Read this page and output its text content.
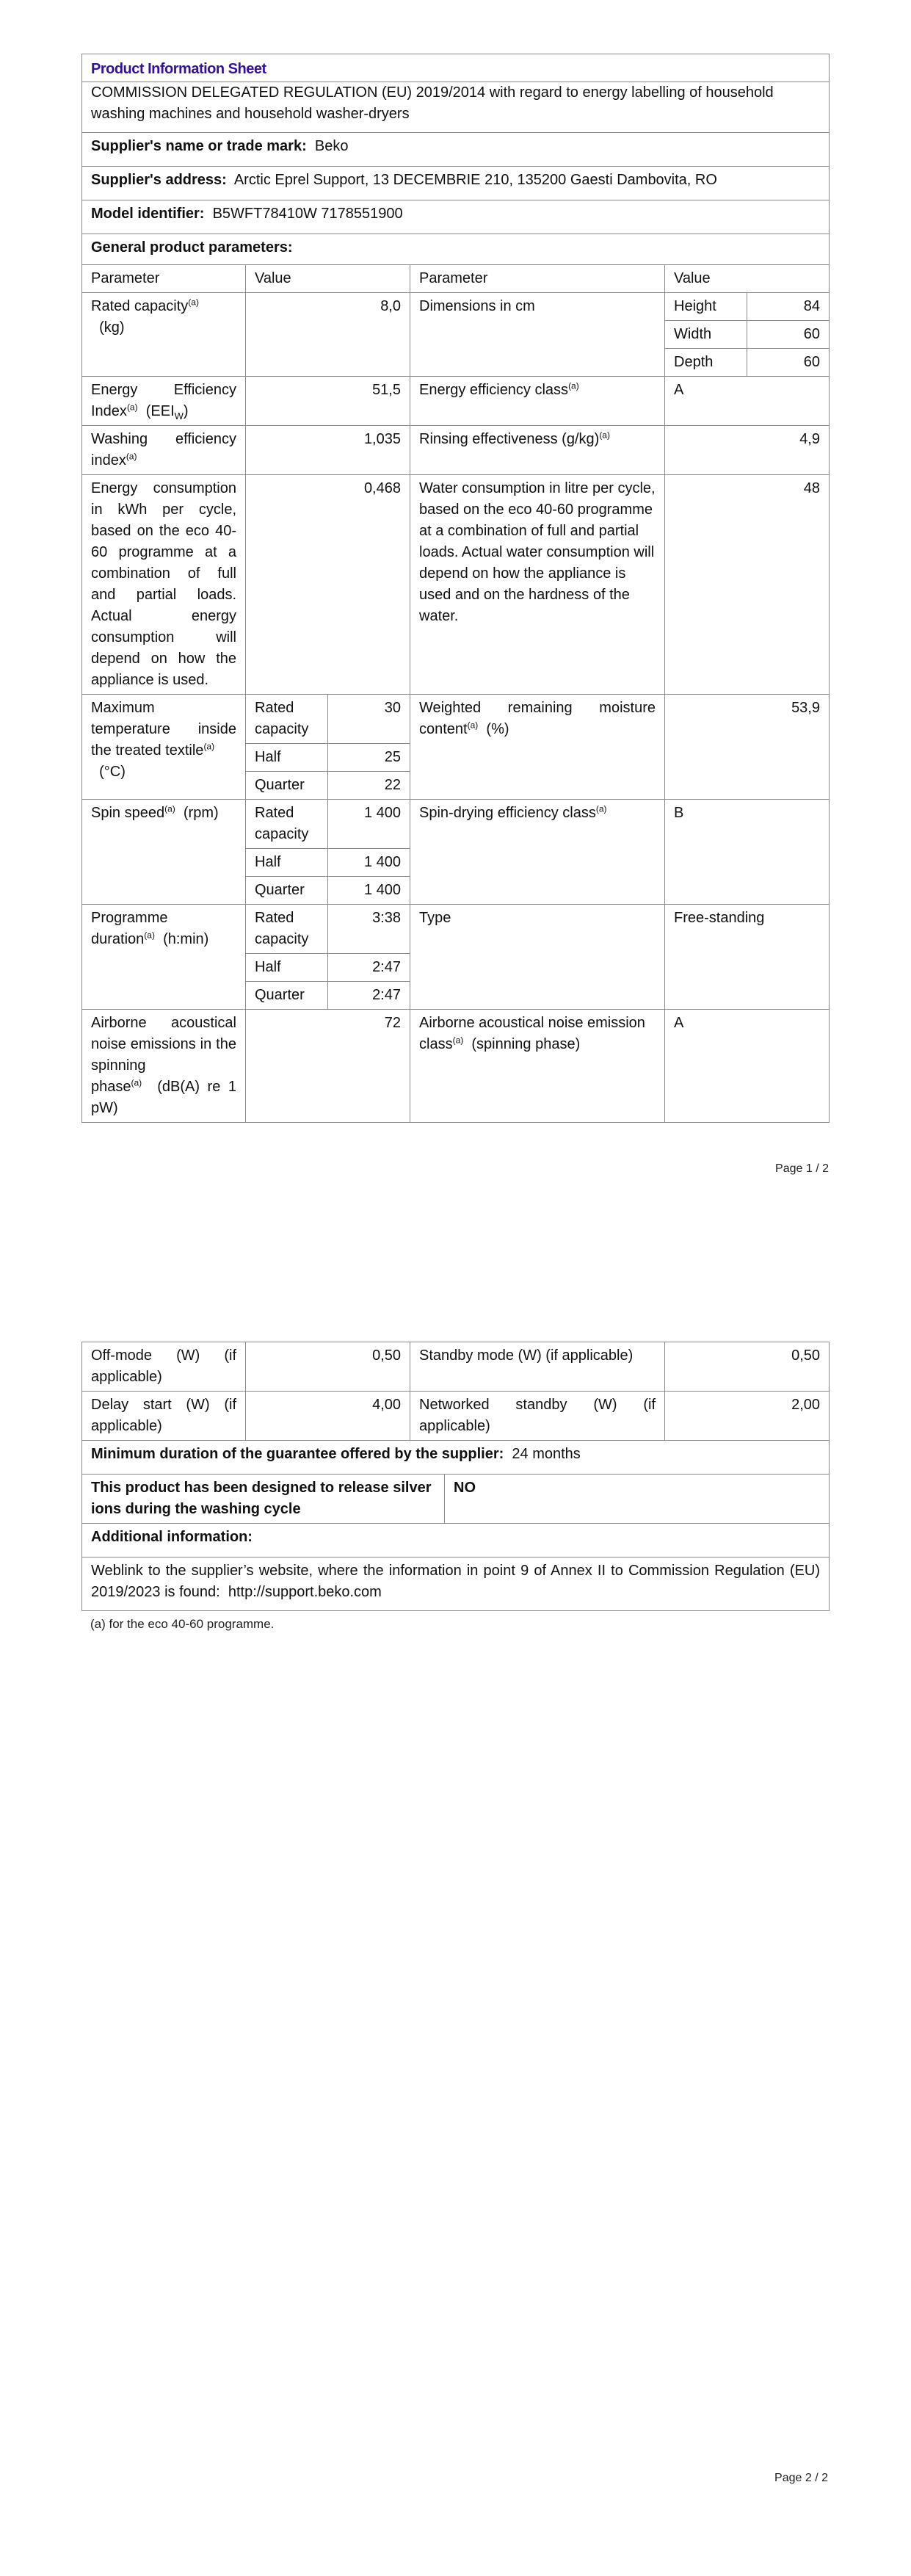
Product Information Sheet
COMMISSION DELEGATED REGULATION (EU) 2019/2014 with regard to energy labelling of household washing machines and household washer-dryers
Supplier's name or trade mark: Beko
Supplier's address: Arctic Eprel Support, 13 DECEMBRIE 210, 135200 Gaesti Dambovita, RO
Model identifier: B5WFT78410W 7178551900
General product parameters:
Parameter	Value	Parameter	Value
Rated capacity$^{(a)}$
(kg)	8,0	Dimensions in cm		Height	84
Width	60
Depth	60

Energy Efficiency Index$^{(a)}$ $(EEI_W)$	51,5	Energy efficiency class$^{(a)}$	A
Washing efficiency index$^{(a)}$	1,035	Rinsing effectiveness $(g/kg)^{(a)}$	4,9
Energy consumption in kWh per cycle, based on the eco 40-60 programme at a combination of full and partial loads. Actual energy consumption will depend on how the appliance is used.	0,468	Water consumption in litre per cycle, based on the eco 40-60 programme at a combination of full and partial loads. Actual water consumption will depend on how the appliance is used and on the hardness of the water.	48
Maximum temperature inside the treated textile$^{(a)}$
(°C)	
Rated capacity	30
Half	25
Quarter	22
	Weighted remaining moisture content$^{(a)}$ (%)	53,9
Spin speed$^{(a)}$ (rpm)	Rated capacity	1 400
Half	1 400
Quarter	1 400
	Spin-drying efficiency class$^{(a)}$	B
Programme duration$^{(a)}$ (h:min)	
Rated capacity	3:38
Half	2:47
Quarter	2:47
	Type	Free-standing
Airborne acoustical noise emissions in the spinning phase$^{(a)}$ (dB(A) re 1 pW)	72	Airborne acoustical noise emission class$^{(a)}$ (spinning phase)	A
Page 1 / 2
Off-mode (W) (if applicable)	0,50	Standby mode (W) (if applicable)		0,50
Delay start (W) (if applicable)	4,00	Networked standby (W) (if applicable)		2,00
Minimum duration of the guarantee offered by the supplier: 24 months				
This product has been designed to release silver ions during the washing cycle			NO	
Additional information:				
Weblink to the supplier’s website, where the information in point 9 of Annex II to Commission Regulation (EU) 2019/2023 is found: http://support.beko.com				
(a) for the eco 40-60 programme.
Page 2 / 2
